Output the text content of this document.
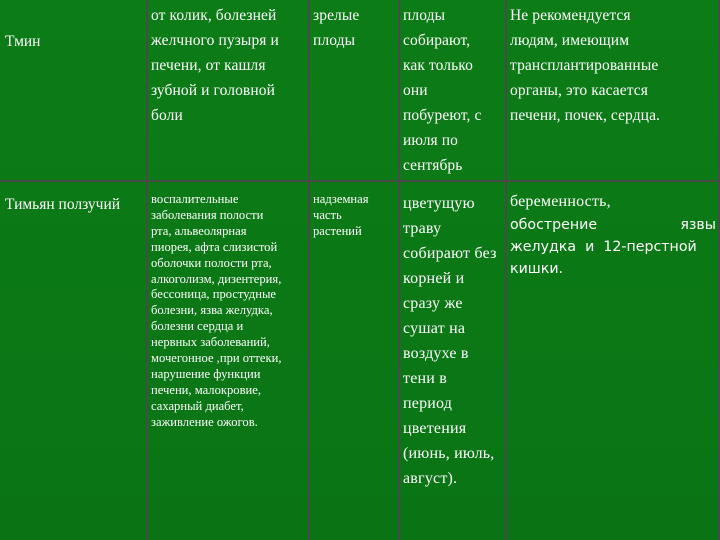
Тмин
от колик, болезней
желчного пузыря и
печени, от кашля
зубной и головной
боли
зрелые
плоды
плоды
собирают,
как только
они
побуреют, с
июля по
сентябрь
Не рекомендуется
людям, имеющим
трансплантированные
органы, это касается
печени, почек, сердца.
Тимьян ползучий	воспалительные
заболевания полости
рта, альвеолярная
пиорея, афта слизистой
оболочки полости рта,
алкоголизм, дизентерия,
бессоница, простудные
болезни, язва желудка,
болезни сердца и
нервных заболеваний,
мочегонное ,при оттеки,
нарушение функции
печени, малокровие,
сахарный диабет,
заживление ожогов.
надземная
часть
растений
цветущую
траву
собирают без
корней и
сразу же
сушат на
воздухе в
тени в
период
цветения
(июнь, июль,
август).
беременность,
обострение	язвы
желудка  и  12-перстной
кишки.
